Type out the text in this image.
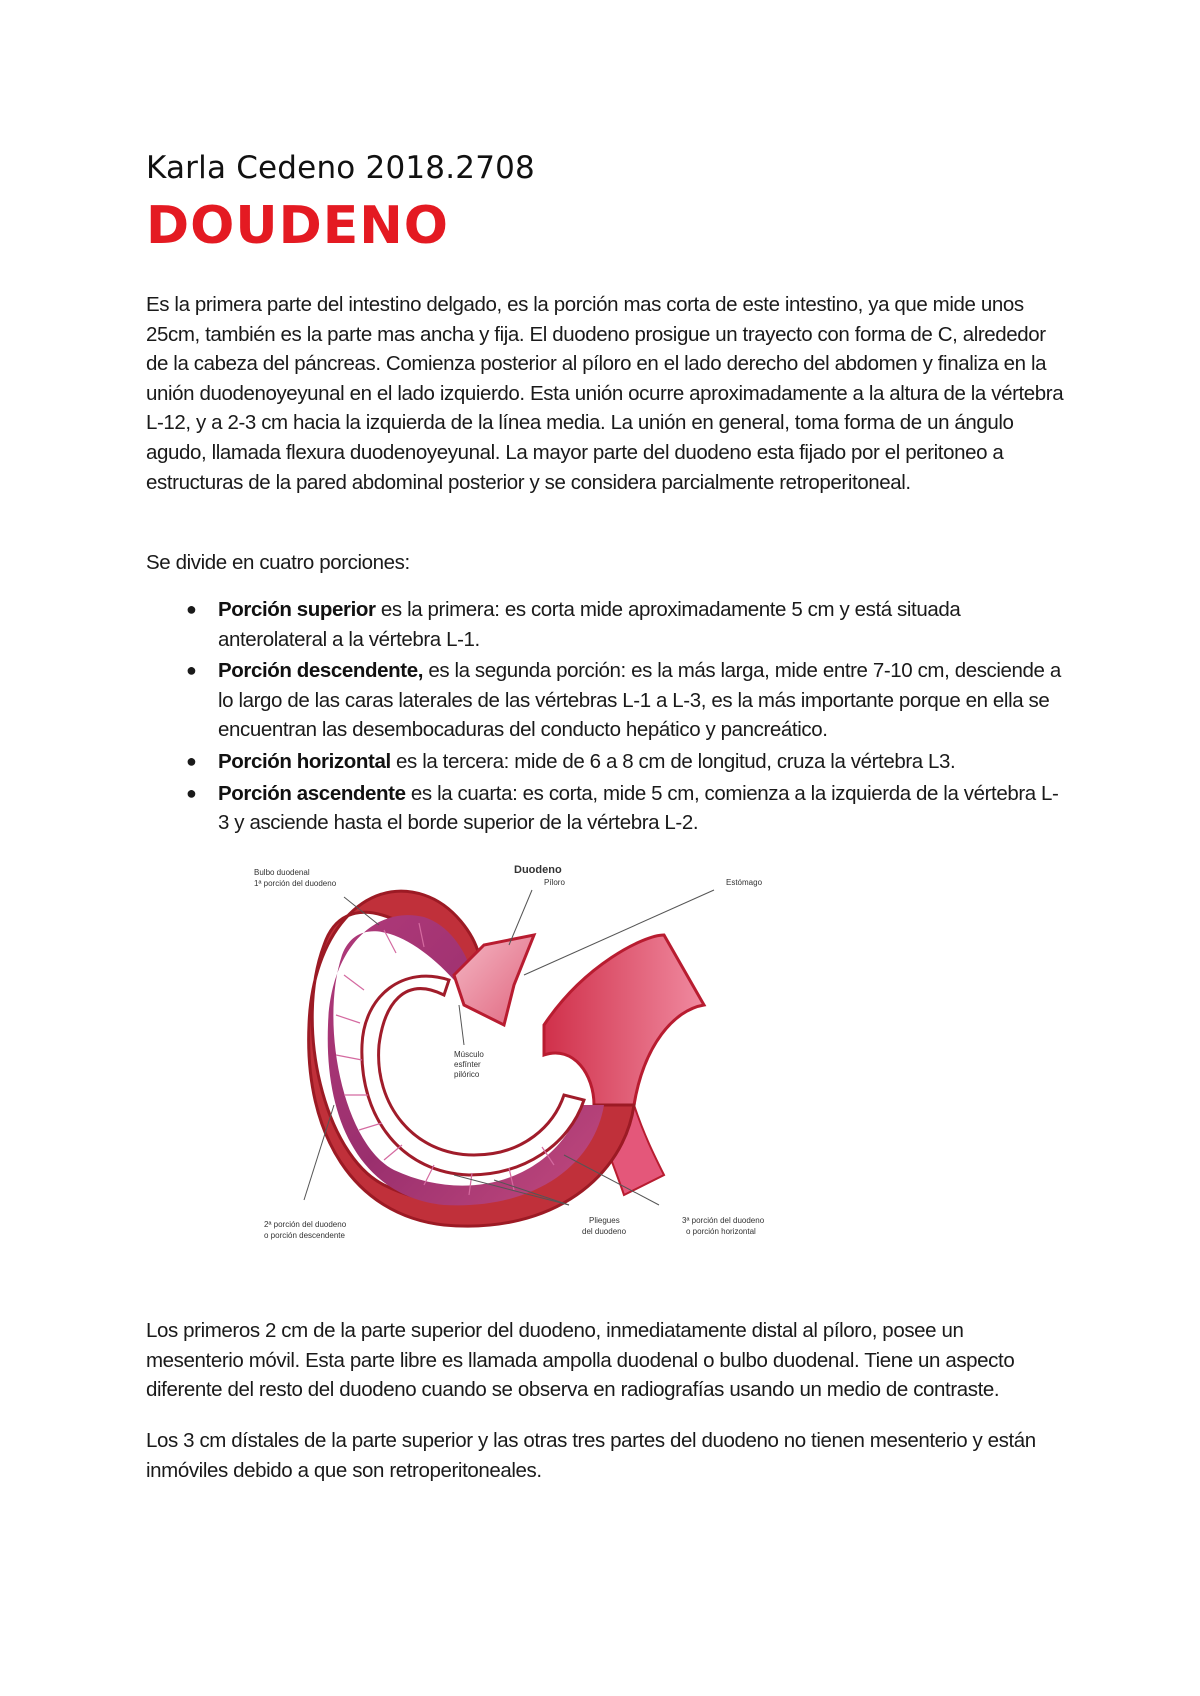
Karla Cedeno 2018.2708
DOUDENO

Es la primera parte del intestino delgado, es la porción mas corta de este intestino, ya que mide unos 25cm, también es la parte mas ancha y fija. El duodeno prosigue un trayecto con forma de C, alrededor de la cabeza del páncreas. Comienza posterior al píloro en el lado derecho del abdomen y finaliza en la unión duodenoyeyunal en el lado izquierdo. Esta unión ocurre aproximadamente a la altura de la vértebra L-12, y a 2-3 cm hacia la izquierda de la línea media. La unión en general, toma forma de un ángulo agudo, llamada flexura duodenoyeyunal. La mayor parte del duodeno esta fijado por el peritoneo a estructuras de la pared abdominal posterior y se considera parcialmente retroperitoneal.

Se divide en cuatro porciones:

● Porción superior es la primera: es corta mide aproximadamente 5 cm y está situada anterolateral a la vértebra L-1.
● Porción descendente, es la segunda porción: es la más larga, mide entre 7-10 cm, desciende a lo largo de las caras laterales de las vértebras L-1 a L-3, es la más importante porque en ella se encuentran las desembocaduras del conducto hepático y pancreático.
● Porción horizontal es la tercera: mide de 6 a 8 cm de longitud, cruza la vértebra L3.
● Porción ascendente es la cuarta: es corta, mide 5 cm, comienza a la izquierda de la vértebra L-3 y asciende hasta el borde superior de la vértebra L-2.
Duodeno
Bulbo duodenal
1ª porción del duodeno	Píloro	Estómago
Músculo
esfínter
pilórico
2ª porción del duodeno
o porción descendente
Pliegues
del duodeno
3ª porción del duodeno
o porción horizontal

Los primeros 2 cm de la parte superior del duodeno, inmediatamente distal al píloro, posee un mesenterio móvil. Esta parte libre es llamada ampolla duodenal o bulbo duodenal. Tiene un aspecto diferente del resto del duodeno cuando se observa en radiografías usando un medio de contraste.

Los 3 cm dístales de la parte superior y las otras tres partes del duodeno no tienen mesenterio y están inmóviles debido a que son retroperitoneales.
